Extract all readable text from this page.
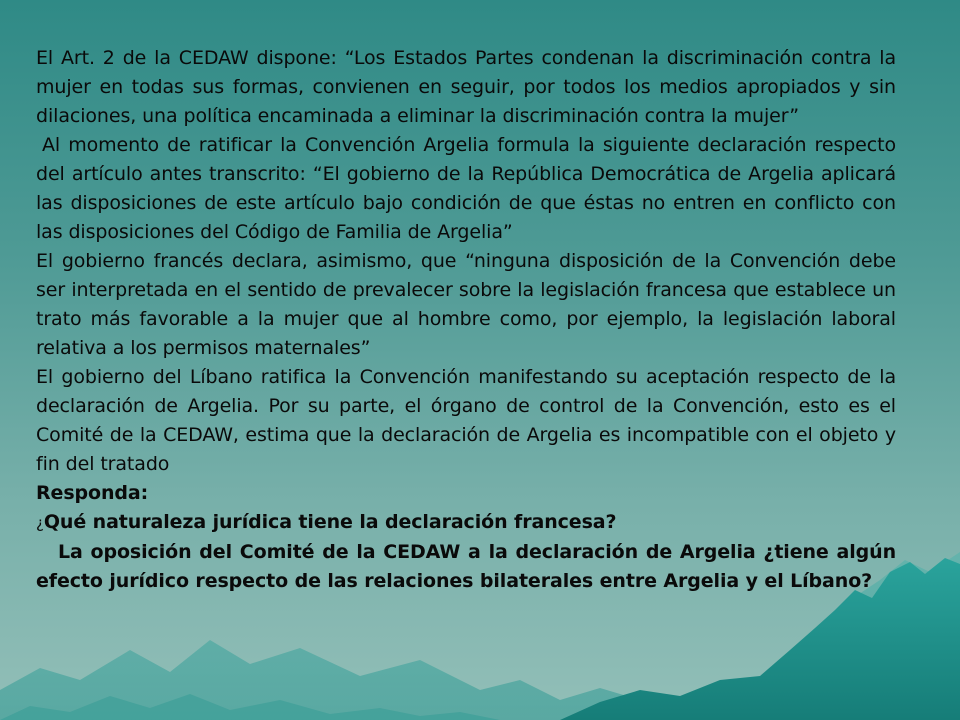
El Art. 2 de la CEDAW dispone: “Los Estados Partes condenan la discriminación contra la mujer en todas sus formas, convienen en seguir, por todos los medios apropiados y sin dilaciones, una política encaminada a eliminar la discriminación contra la mujer”

Al momento de ratificar la Convención Argelia formula la siguiente declaración respecto del artículo antes transcrito: “El gobierno de la República Democrática de Argelia aplicará las disposiciones de este artículo bajo condición de que éstas no entren en conflicto con las disposiciones del Código de Familia de Argelia”

El gobierno francés declara, asimismo, que “ninguna disposición de la Convención debe ser interpretada en el sentido de prevalecer sobre la legislación francesa que establece un trato más favorable a la mujer que al hombre como, por ejemplo, la legislación laboral relativa a los permisos maternales”

El gobierno del Líbano ratifica la Convención manifestando su aceptación respecto de la declaración de Argelia. Por su parte, el órgano de control de la Convención, esto es el Comité de la CEDAW, estima que la declaración de Argelia es incompatible con el objeto y fin del tratado

Responda:

¿Qué naturaleza jurídica tiene la declaración francesa?

La oposición del Comité de la CEDAW a la declaración de Argelia ¿tiene algún efecto jurídico respecto de las relaciones bilaterales entre Argelia y el Líbano?
